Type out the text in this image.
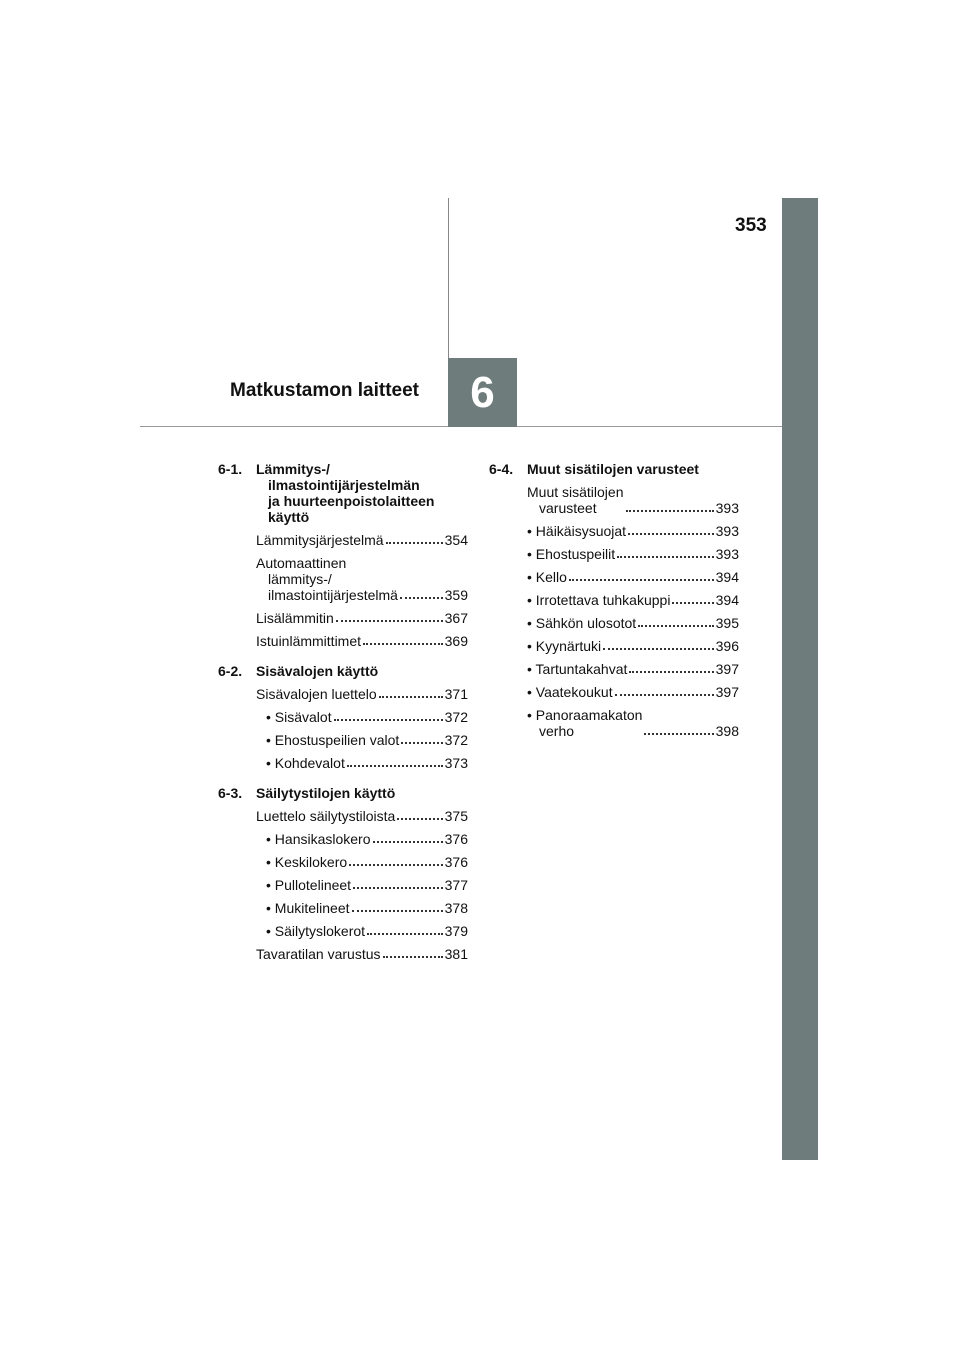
353
6
Matkustamon laitteet
6-1. Lämmitys-/
ilmastointijärjestelmän
ja huurteenpoistolaitteen
käyttö
Lämmitysjärjestelmä	354
Automaattinen
lämmitys-/
ilmastointijärjestelmä	359
Lisälämmitin	367
Istuinlämmittimet	369
6-2. Sisävalojen käyttö
Sisävalojen luettelo	371
• Sisävalot	372
• Ehostuspeilien valot	372
• Kohdevalot	373
6-3. Säilytystilojen käyttö
Luettelo säilytystiloista	375
• Hansikaslokero	376
• Keskilokero	376
• Pullotelineet	377
• Mukitelineet	378
• Säilytyslokerot	379
Tavaratilan varustus	381
6-4. Muut sisätilojen varusteet
Muut sisätilojen
varusteet	393
• Häikäisysuojat	393
• Ehostuspeilit	393
• Kello	394
• Irrotettava tuhkakuppi	394
• Sähkön ulosotot	395
• Kyynärtuki	396
• Tartuntakahvat	397
• Vaatekoukut	397
• Panoraamakaton
verho	398
